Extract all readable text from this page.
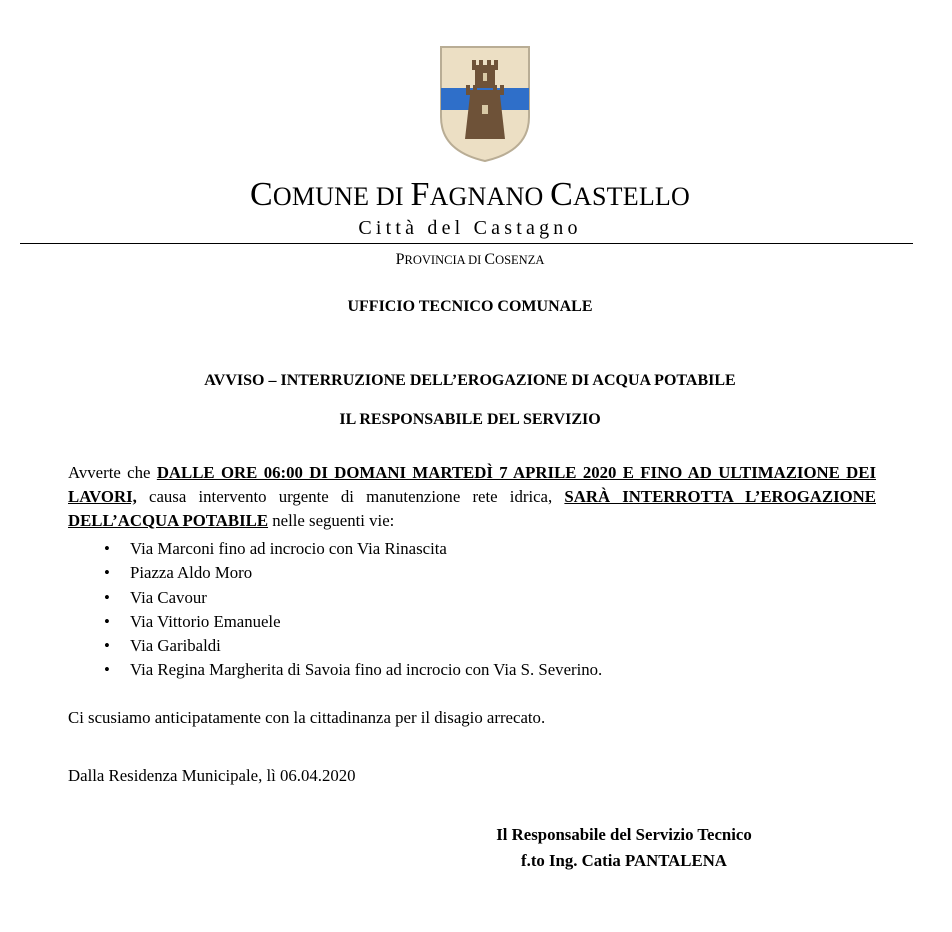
COMUNE DI FAGNANO CASTELLO
Città del Castagno
PROVINCIA DI COSENZA
UFFICIO TECNICO COMUNALE
AVVISO – INTERRUZIONE DELL’EROGAZIONE DI ACQUA POTABILE
IL RESPONSABILE DEL SERVIZIO
Avverte che DALLE ORE 06:00 DI DOMANI MARTEDÌ 7 APRILE 2020 E FINO AD ULTIMAZIONE DEI LAVORI, causa intervento urgente di manutenzione rete idrica, SARÀ INTERROTTA L’EROGAZIONE DELL’ACQUA POTABILE nelle seguenti vie:
• Via Marconi fino ad incrocio con Via Rinascita
• Piazza Aldo Moro
• Via Cavour
• Via Vittorio Emanuele
• Via Garibaldi
• Via Regina Margherita di Savoia fino ad incrocio con Via S. Severino.
Ci scusiamo anticipatamente con la cittadinanza per il disagio arrecato.
Dalla Residenza Municipale, lì 06.04.2020
Il Responsabile del Servizio Tecnico
f.to Ing. Catia PANTALENA
